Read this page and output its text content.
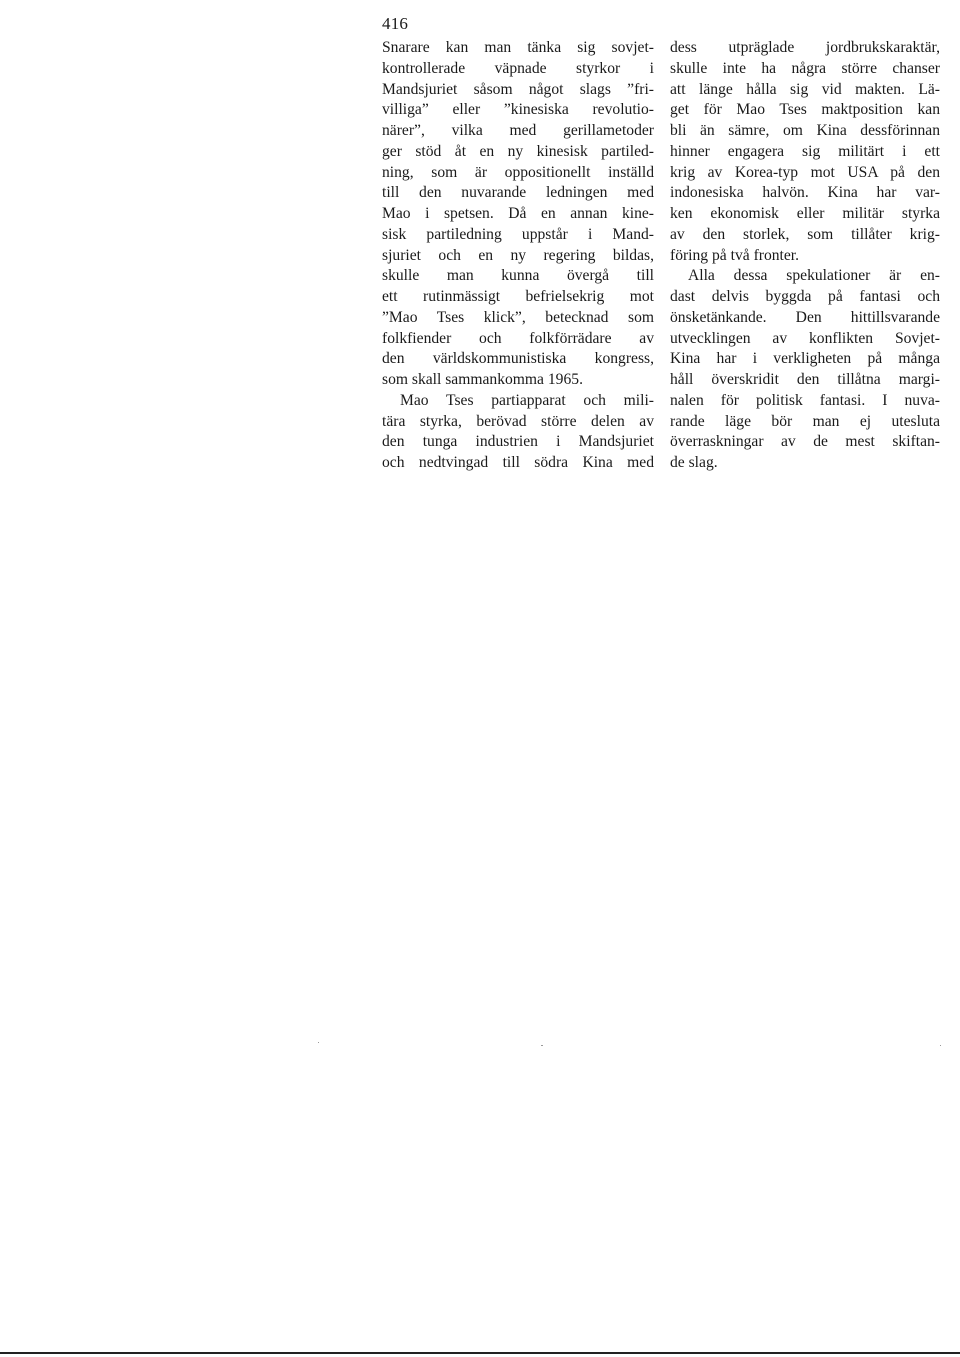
416
Snarare kan man tänka sig sovjet-
kontrollerade väpnade styrkor i
Mandsjuriet såsom något slags ”fri-
villiga” eller ”kinesiska revolutio-
närer”, vilka med gerillametoder
ger stöd åt en ny kinesisk partiled-
ning, som är oppositionellt inställd
till den nuvarande ledningen med
Mao i spetsen. Då en annan kine-
sisk partiledning uppstår i Mand-
sjuriet och en ny regering bildas,
skulle man kunna övergå till
ett rutinmässigt befrielsekrig mot
”Mao Tses klick”, betecknad som
folkfiender och folkförrädare av
den världskommunistiska kongress,
som skall sammankomma 1965.
Mao Tses partiapparat och mili-
tära styrka, berövad större delen av
den tunga industrien i Mandsjuriet
och nedtvingad till södra Kina med
dess utpräglade jordbrukskaraktär,
skulle inte ha några större chanser
att länge hålla sig vid makten. Lä-
get för Mao Tses maktposition kan
bli än sämre, om Kina dessförinnan
hinner engagera sig militärt i ett
krig av Korea-typ mot USA på den
indonesiska halvön. Kina har var-
ken ekonomisk eller militär styrka
av den storlek, som tillåter krig-
föring på två fronter.
Alla dessa spekulationer är en-
dast delvis byggda på fantasi och
önsketänkande. Den hittillsvarande
utvecklingen av konflikten Sovjet-
Kina har i verkligheten på många
håll överskridit den tillåtna margi-
nalen för politisk fantasi. I nuva-
rande läge bör man ej utesluta
överraskningar av de mest skiftan-
de slag.
